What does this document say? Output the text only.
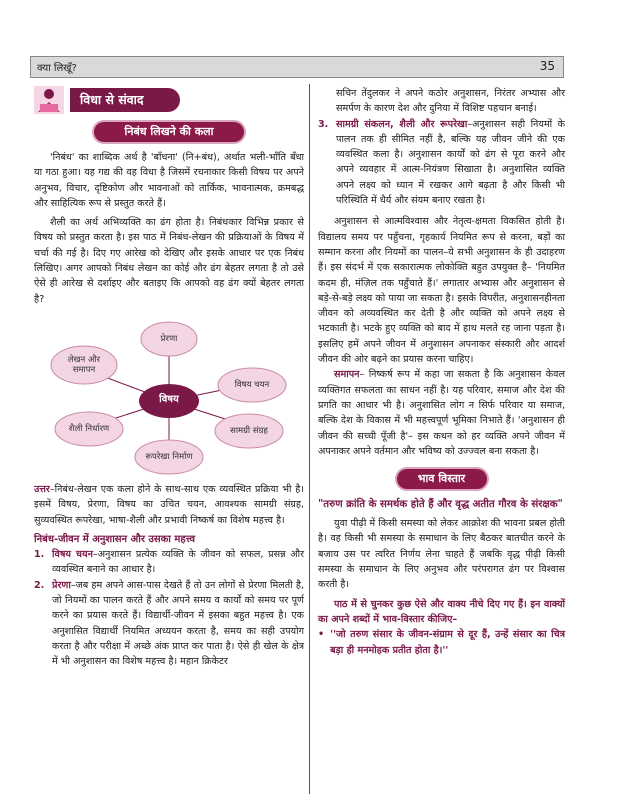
क्या लिखूँ?	35
विधा से संवाद
निबंध लिखने की कला

'निबंध' का शाब्दिक अर्थ है 'बाँधना' (नि+बंध), अर्थात भली-भाँति बँधा या गठा हुआ। यह गद्य की वह विधा है जिसमें रचनाकार किसी विषय पर अपने अनुभव, विचार, दृष्टिकोण और भावनाओं को तार्किक, भावनात्मक, क्रमबद्ध और साहित्यिक रूप से प्रस्तुत करते हैं।

शैली का अर्थ अभिव्यक्ति का ढंग होता है। निबंधकार विभिन्न प्रकार से विषय को प्रस्तुत करता है। इस पाठ में निबंध-लेखन की प्रक्रियाओं के विषय में चर्चा की गई है। दिए गए आरेख को देखिए और इसके आधार पर एक निबंध लिखिए। अगर आपको निबंध लेखन का कोई और ढंग बेहतर लगता है तो उसे ऐसे ही आरेख से दर्शाइए और बताइए कि आपको वह ढंग क्यों बेहतर लगता है?

प्रेरणा
लेखन और समापन
विषय चयन
विषय
शैली निर्धारण	सामग्री संग्रह
रूपरेखा निर्माण

उत्तर–निबंध-लेखन एक कला होने के साथ-साथ एक व्यवस्थित प्रक्रिया भी है। इसमें विषय, प्रेरणा, विषय का उचित चयन, आवश्यक सामग्री संग्रह, सुव्यवस्थित रूपरेखा, भाषा-शैली और प्रभावी निष्कर्ष का विशेष महत्त्व है।

निबंध-जीवन में अनुशासन और उसका महत्त्व
1. विषय चयन–अनुशासन प्रत्येक व्यक्ति के जीवन को सफल, प्रसन्न और व्यवस्थित बनाने का आधार है।

2. प्रेरणा–जब हम अपने आस-पास देखते हैं तो उन लोगों से प्रेरणा मिलती है, जो नियमों का पालन करते हैं और अपने समय व कार्यों को समय पर पूर्ण करने का प्रयास करते हैं। विद्यार्थी-जीवन में इसका बहुत महत्त्व है। एक अनुशासित विद्यार्थी नियमित अध्ययन करता है, समय का सही उपयोग करता है और परीक्षा में अच्छे अंक प्राप्त कर पाता है। ऐसे ही खेल के क्षेत्र में भी अनुशासन का विशेष महत्त्व है। महान क्रिकेटर

सचिन तेंदुलकर ने अपने कठोर अनुशासन, निरंतर अभ्यास और समर्पण के कारण देश और दुनिया में विशिष्ट पहचान बनाई।

3. सामग्री संकलन, शैली और रूपरेखा–अनुशासन सही नियमों के पालन तक ही सीमित नहीं है, बल्कि यह जीवन जीने की एक व्यवस्थित कला है। अनुशासन कार्यों को ढंग से पूरा करने और अपने व्यवहार में आत्म-नियंत्रण सिखाता है। अनुशासित व्यक्ति अपने लक्ष्य को ध्यान में रखकर आगे बढ़ता है और किसी भी परिस्थिति में धैर्य और संयम बनाए रखता है।

अनुशासन से आत्मविश्वास और नेतृत्व-क्षमता विकसित होती है। विद्यालय समय पर पहुँचना, गृहकार्य नियमित रूप से करना, बड़ों का सम्मान करना और नियमों का पालन–ये सभी अनुशासन के ही उदाहरण हैं। इस संदर्भ में एक सकारात्मक लोकोक्ति बहुत उपयुक्त है– 'नियमित कदम ही, मंज़िल तक पहुँचाते हैं।' लगातार अभ्यास और अनुशासन से बड़े-से-बड़े लक्ष्य को पाया जा सकता है। इसके विपरीत, अनुशासनहीनता जीवन को अव्यवस्थित कर देती है और व्यक्ति को अपने लक्ष्य से भटकाती है। भटके हुए व्यक्ति को बाद में हाथ मलते रह जाना पड़ता है। इसलिए हमें अपने जीवन में अनुशासन अपनाकर संस्कारी और आदर्श जीवन की ओर बढ़ने का प्रयास करना चाहिए।

समापन– निष्कर्ष रूप में कहा जा सकता है कि अनुशासन केवल व्यक्तिगत सफलता का साधन नहीं है। यह परिवार, समाज और देश की प्रगति का आधार भी है। अनुशासित लोग न सिर्फ परिवार या समाज, बल्कि देश के विकास में भी महत्त्वपूर्ण भूमिका निभाते हैं। 'अनुशासन ही जीवन की सच्ची पूँजी है'– इस कथन को हर व्यक्ति अपने जीवन में अपनाकर अपने वर्तमान और भविष्य को उज्ज्वल बना सकता है।

भाव विस्तार
"तरुण क्रांति के समर्थक होते हैं और वृद्ध अतीत गौरव के संरक्षक"

युवा पीढ़ी में किसी समस्या को लेकर आक्रोश की भावना प्रबल होती है। वह किसी भी समस्या के समाधान के लिए बैठकर बातचीत करने के बजाय उस पर त्वरित निर्णय लेना चाहते हैं जबकि वृद्ध पीढ़ी किसी समस्या के समाधान के लिए अनुभव और परंपरागत ढंग पर विश्वास करती है।

पाठ में से चुनकर कुछ ऐसे और वाक्य नीचे दिए गए हैं। इन वाक्यों का अपने शब्दों में भाव-विस्तार कीजिए–

• ''जो तरुण संसार के जीवन-संग्राम से दूर हैं, उन्हें संसार का चित्र बड़ा ही मनमोहक प्रतीत होता है।''
